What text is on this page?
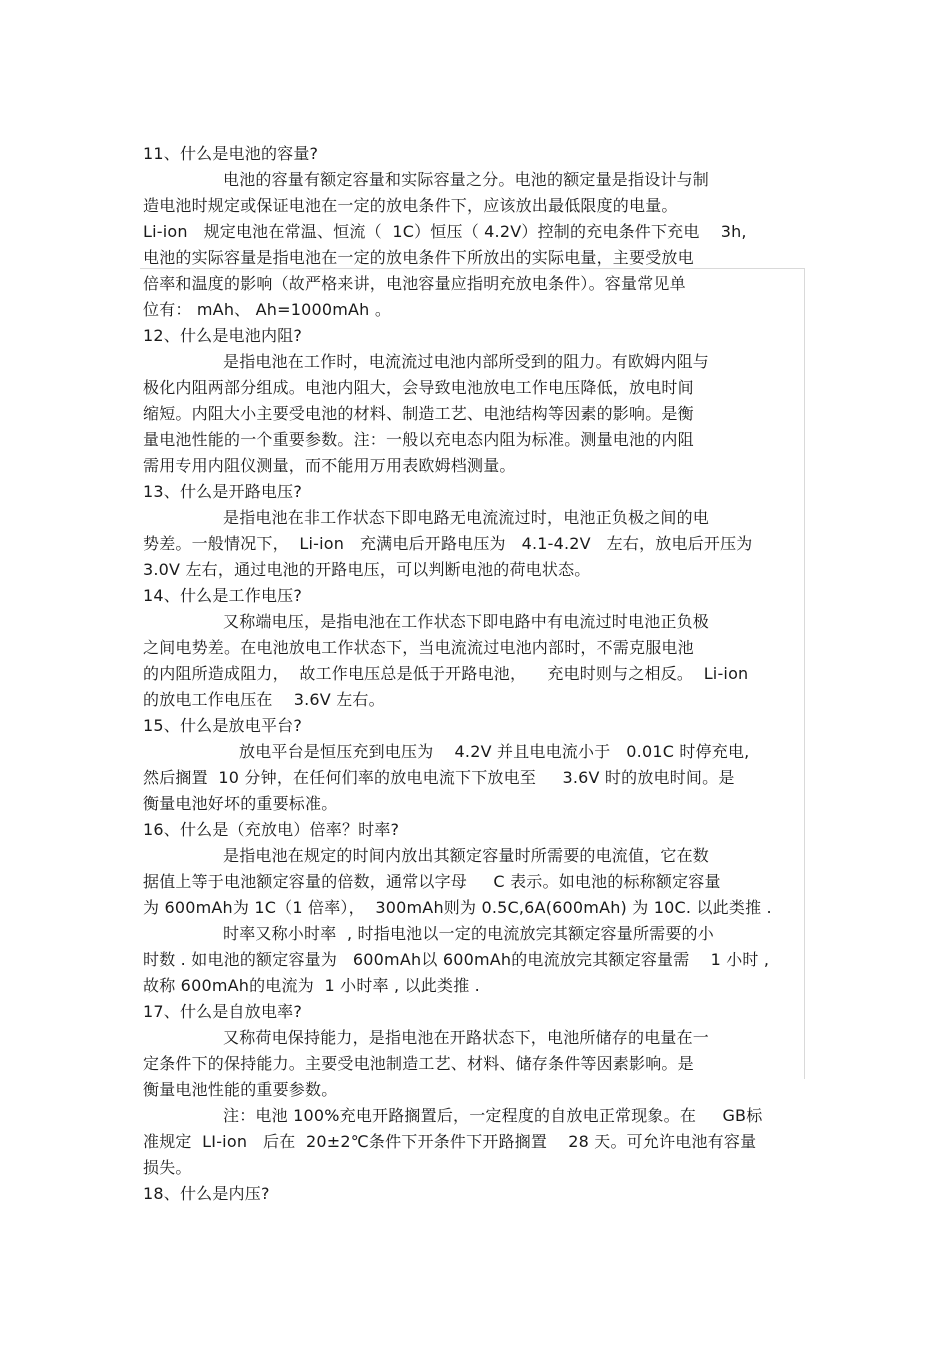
11、什么是电池的容量?

电池的容量有额定容量和实际容量之分。电池的额定量是指设计与制

造电池时规定或保证电池在一定的放电条件下，应该放出最低限度的电量。

Li-ion   规定电池在常温、恒流（  1C）恒压（ 4.2V）控制的充电条件下充电    3h,

电池的实际容量是指电池在一定的放电条件下所放出的实际电量，主要受放电

倍率和温度的影响（故严格来讲，电池容量应指明充放电条件）。容量常见单

位有： mAh、 Ah=1000mAh 。

12、什么是电池内阻?

是指电池在工作时，电流流过电池内部所受到的阻力。有欧姆内阻与

极化内阻两部分组成。电池内阻大，会导致电池放电工作电压降低，放电时间

缩短。内阻大小主要受电池的材料、制造工艺、电池结构等因素的影响。是衡

量电池性能的一个重要参数。注：一般以充电态内阻为标准。测量电池的内阻

需用专用内阻仪测量，而不能用万用表欧姆档测量。

13、什么是开路电压?

是指电池在非工作状态下即电路无电流流过时，电池正负极之间的电

势差。一般情况下，  Li-ion   充满电后开路电压为   4.1-4.2V   左右，放电后开压为

3.0V 左右，通过电池的开路电压，可以判断电池的荷电状态。

14、什么是工作电压?

又称端电压，是指电池在工作状态下即电路中有电流过时电池正负极

之间电势差。在电池放电工作状态下，当电流流过电池内部时，不需克服电池

的内阻所造成阻力，  故工作电压总是低于开路电池，    充电时则与之相反。  Li-ion

的放电工作电压在    3.6V 左右。

15、什么是放电平台?

放电平台是恒压充到电压为    4.2V 并且电电流小于   0.01C 时停充电,

然后搁置  10 分钟，在任何们率的放电电流下下放电至     3.6V 时的放电时间。是

衡量电池好坏的重要标准。

16、什么是（充放电）倍率？时率?

是指电池在规定的时间内放出其额定容量时所需要的电流值，它在数

据值上等于电池额定容量的倍数，通常以字母     C 表示。如电池的标称额定容量

为 600mAh为 1C（1 倍率），  300mAh则为 0.5C,6A(600mAh) 为 10C. 以此类推 .

时率又称小时率  , 时指电池以一定的电流放完其额定容量所需要的小

时数 . 如电池的额定容量为   600mAh以 600mAh的电流放完其额定容量需    1 小时 ,

故称 600mAh的电流为  1 小时率 , 以此类推 .

17、什么是自放电率?

又称荷电保持能力，是指电池在开路状态下，电池所储存的电量在一

定条件下的保持能力。主要受电池制造工艺、材料、储存条件等因素影响。是

衡量电池性能的重要参数。

注：电池 100%充电开路搁置后，一定程度的自放电正常现象。在     GB标

准规定  LI-ion   后在  20±2℃条件下开条件下开路搁置    28 天。可允许电池有容量

损失。

18、什么是内压?
